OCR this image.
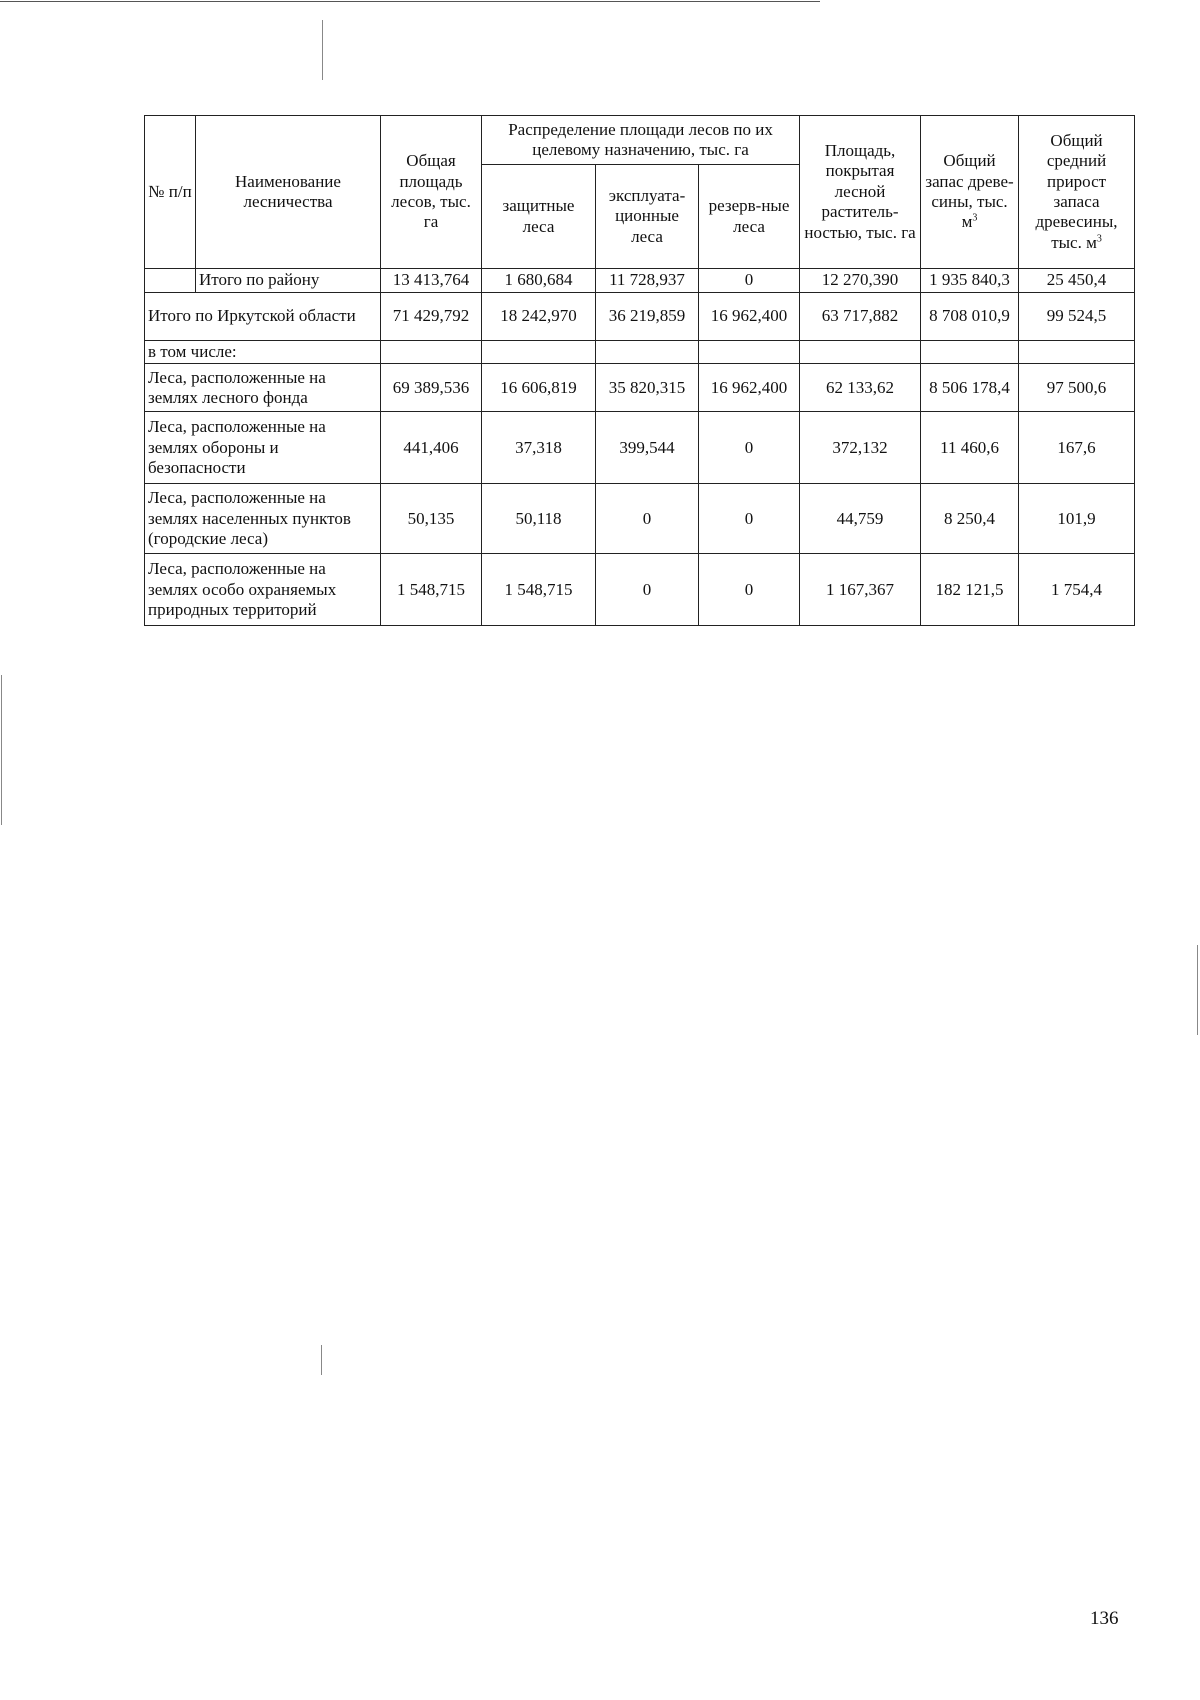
№ п/п	Наименование лесничества	Общая площадь лесов, тыс. га	Распределение площади лесов по их целевому назначению, тыс. га			Площадь, покрытая лесной раститель-ностью, тыс. га	Общий запас древе-сины, тыс. $м^3$	Общий средний прирост запаса древесины, тыс. $м^3$
			защитные леса	эксплуата-ционные леса	резерв-ные леса			
	Итого по району	13 413,764	1 680,684	11 728,937	0	12 270,390	1 935 840,3	25 450,4
Итого по Иркутской области		71 429,792	18 242,970	36 219,859	16 962,400	63 717,882	8 708 010,9	99 524,5
в том числе:								
Леса, расположенные на землях лесного фонда		69 389,536	16 606,819	35 820,315	16 962,400	62 133,62	8 506 178,4	97 500,6
Леса, расположенные на землях обороны и безопасности		441,406	37,318	399,544	0	372,132	11 460,6	167,6
Леса, расположенные на землях населенных пунктов (городские леса)		50,135	50,118	0	0	44,759	8 250,4	101,9
Леса, расположенные на землях особо охраняемых природных территорий		1 548,715	1 548,715	0	0	1 167,367	182 121,5	1 754,4
136
